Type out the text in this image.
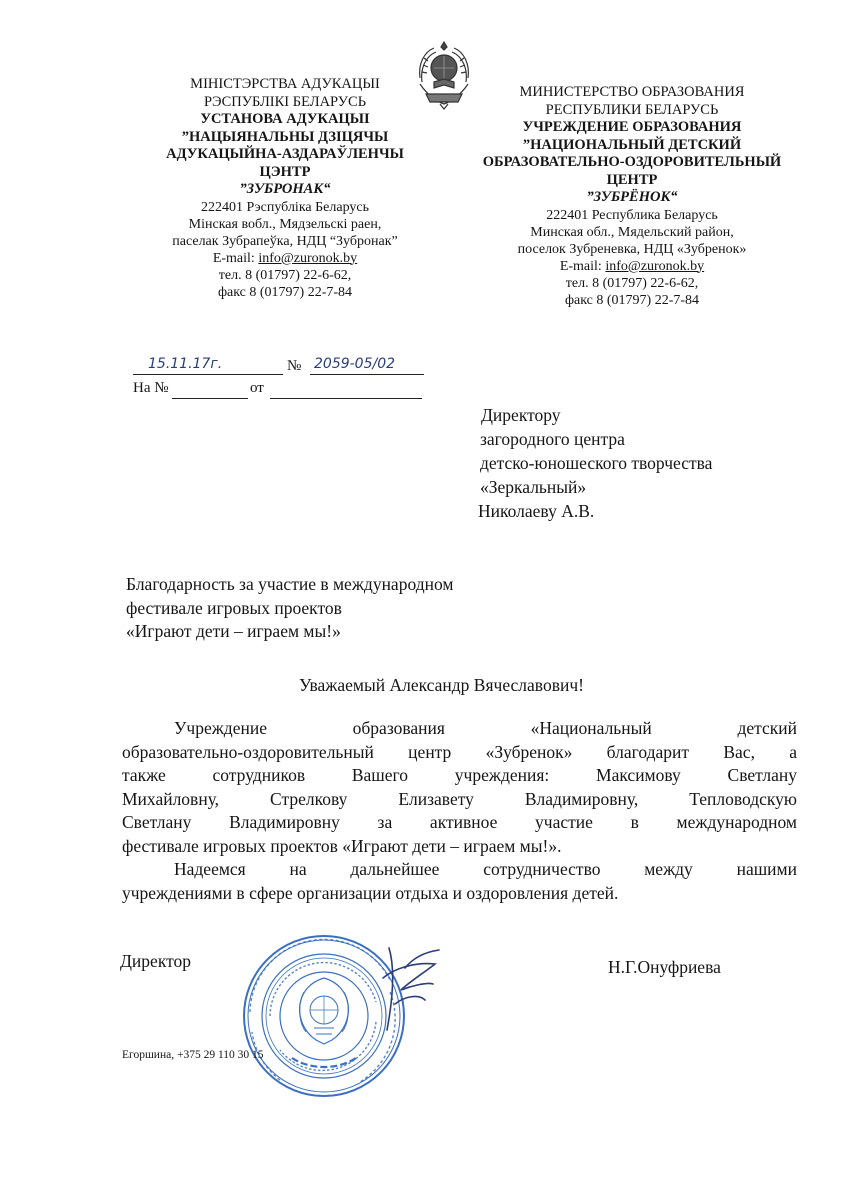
МІНІСТЭРСТВА АДУКАЦЫІ
РЭСПУБЛІКІ БЕЛАРУСЬ
УСТАНОВА АДУКАЦЫІ
”НАЦЫЯНАЛЬНЫ ДЗІЦЯЧЫ
АДУКАЦЫЙНА-АЗДАРАЎЛЕНЧЫ
ЦЭНТР
”ЗУБРОНАК“
222401 Рэспубліка Беларусь
Мінская вобл., Мядзельскі раен,
паселак Зубрапеўка, НДЦ “Зубронак”
E-mail: info@zuronok.by
тел. 8 (01797) 22-6-62,
факс 8 (01797) 22-7-84
МИНИСТЕРСТВО ОБРАЗОВАНИЯ
РЕСПУБЛИКИ БЕЛАРУСЬ
УЧРЕЖДЕНИЕ ОБРАЗОВАНИЯ
”НАЦИОНАЛЬНЫЙ ДЕТСКИЙ
ОБРАЗОВАТЕЛЬНО-ОЗДОРОВИТЕЛЬНЫЙ
ЦЕНТР
”ЗУБРЁНОК“
222401 Республика Беларусь
Минская обл., Мядельский район,
поселок Зубреневка, НДЦ «Зубренок»
E-mail: info@zuronok.by
тел. 8 (01797) 22-6-62,
факс 8 (01797) 22-7-84
15.11.17г.	№ 2059-05/02
На №	от
Директору
загородного центра
детско-юношеского творчества
«Зеркальный»
Николаеву А.В.
Благодарность за участие в международном
фестивале игровых проектов
«Играют дети – играем мы!»
Уважаемый Александр Вячеславович!
Учреждение образования «Национальный детский
образовательно-оздоровительный центр «Зубренок» благодарит Вас, а
также сотрудников Вашего учреждения: Максимову Светлану
Михайловну, Стрелкову Елизавету Владимировну, Тепловодскую
Светлану Владимировну за активное участие в международном
фестивале игровых проектов «Играют дети – играем мы!».
Надеемся на дальнейшее сотрудничество между нашими
учреждениями в сфере организации отдыха и оздоровления детей.
Директор	Н.Г.Онуфриева
Егоршина, +375 29 110 30 15
